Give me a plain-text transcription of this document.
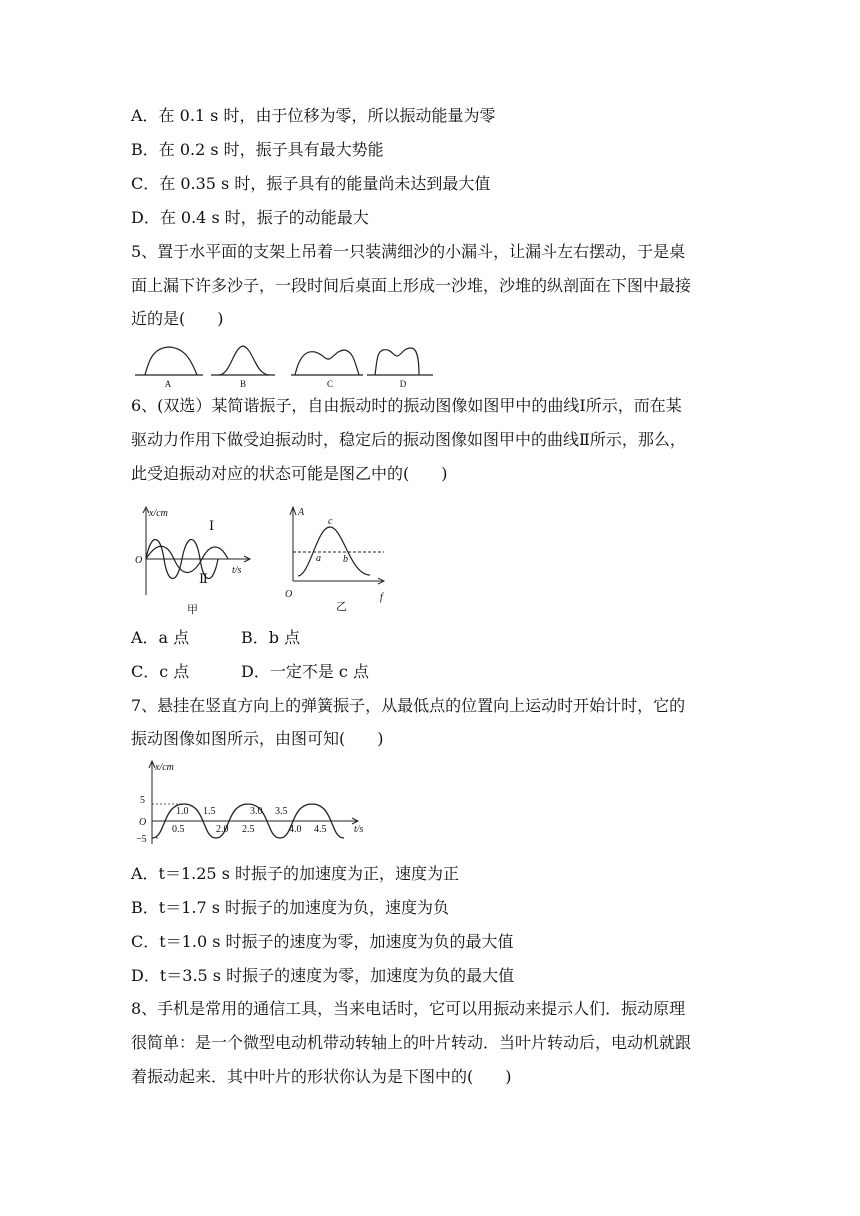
A．在 0.1 s 时，由于位移为零，所以振动能量为零
B．在 0.2 s 时，振子具有最大势能
C．在 0.35 s 时，振子具有的能量尚未达到最大值
D．在 0.4 s 时，振子的动能最大
5、置于水平面的支架上吊着一只装满细沙的小漏斗，让漏斗左右摆动，于是桌
面上漏下许多沙子，一段时间后桌面上形成一沙堆，沙堆的纵剖面在下图中最接
近的是(　　)
A	B	C	D
6、(双选）某简谐振子，自由振动时的振动图像如图甲中的曲线Ⅰ所示，而在某
驱动力作用下做受迫振动时，稳定后的振动图像如图甲中的曲线Ⅱ所示，那么，
此受迫振动对应的状态可能是图乙中的(　　)
x/cm
t/s
O
Ⅰ
Ⅱ
甲
A
f
O
a b
c
乙
A．a 点	B．b 点
C．c 点	D．一定不是 c 点
7、悬挂在竖直方向上的弹簧振子，从最低点的位置向上运动时开始计时，它的
振动图像如图所示，由图可知(　　)
x/cm
t/s
O
5
−5
1.0 1.5	3.0 3.5
0.5	2.0 2.5	4.0 4.5
A．t＝1.25 s 时振子的加速度为正，速度为正
B．t＝1.7 s 时振子的加速度为负，速度为负
C．t＝1.0 s 时振子的速度为零，加速度为负的最大值
D．t＝3.5 s 时振子的速度为零，加速度为负的最大值
8、手机是常用的通信工具，当来电话时，它可以用振动来提示人们．振动原理
很简单：是一个微型电动机带动转轴上的叶片转动．当叶片转动后，电动机就跟
着振动起来．其中叶片的形状你认为是下图中的(　　)
